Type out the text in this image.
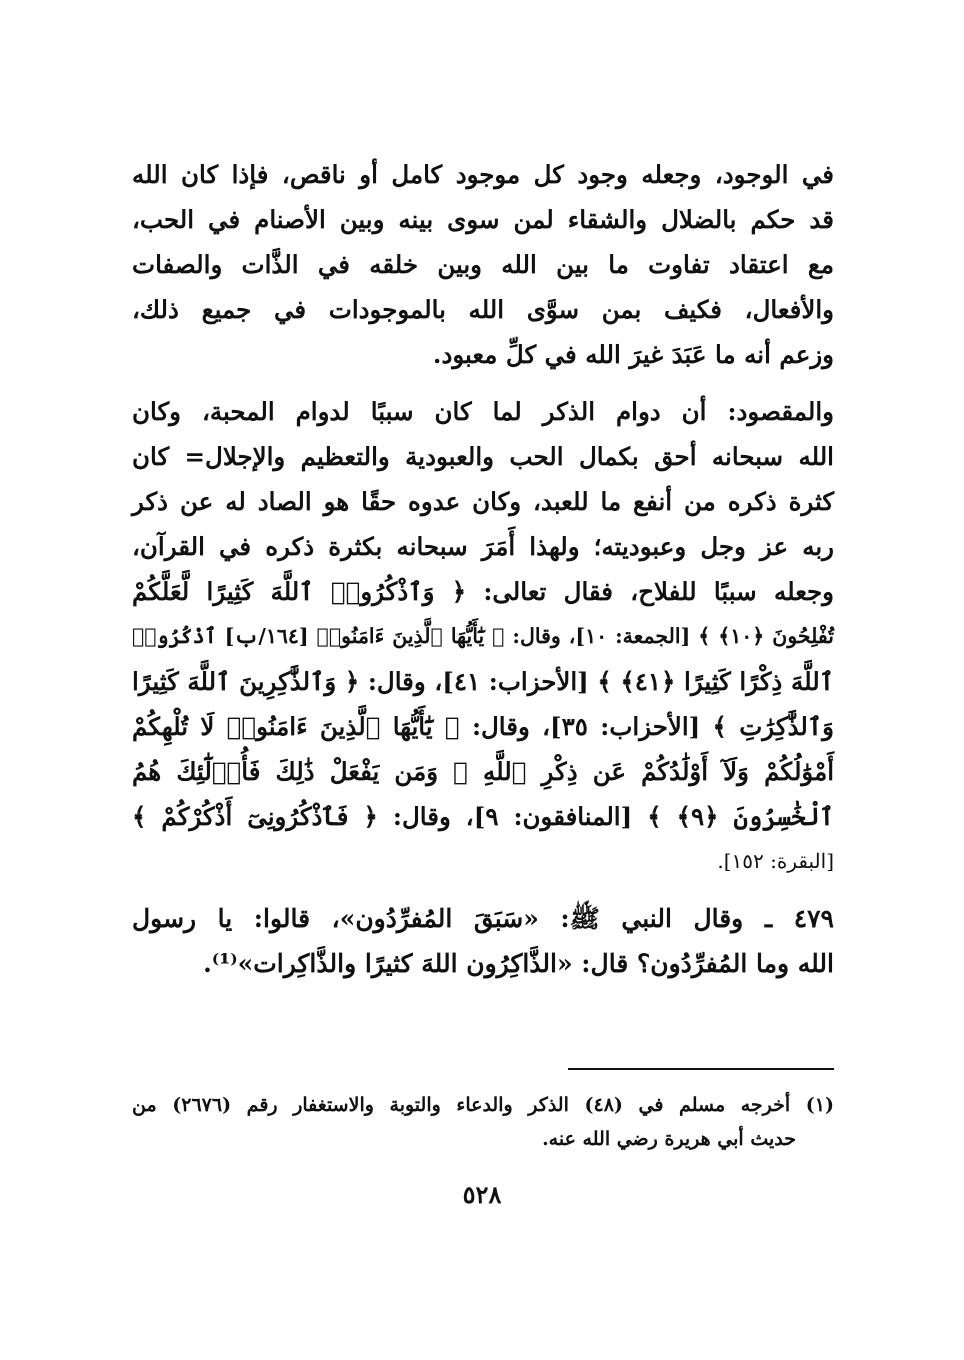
في الوجود، وجعله وجود كل موجود كامل أو ناقص، فإذا كان الله
قد حكم بالضلال والشقاء لمن سوى بينه وبين الأصنام في الحب،
مع اعتقاد تفاوت ما بين الله وبين خلقه في الذَّات والصفات
والأفعال، فكيف بمن سوَّى الله بالموجودات في جميع ذلك،
وزعم أنه ما عَبَدَ غيرَ الله في كلِّ معبود.
والمقصود: أن دوام الذكر لما كان سببًا لدوام المحبة، وكان
الله سبحانه أحق بكمال الحب والعبودية والتعظيم والإجلال= كان
كثرة ذكره من أنفع ما للعبد، وكان عدوه حقًا هو الصاد له عن ذكر
ربه عز وجل وعبوديته؛ ولهذا أَمَرَ سبحانه بكثرة ذكره في القرآن،
وجعله سببًا للفلاح، فقال تعالى: ﴿ وَٱذْكُرُوا۟ ٱللَّهَ كَثِيرًا لَّعَلَّكُمْ
تُفْلِحُونَ ﴿١٠﴾ ﴾ [الجمعة: ١٠]، وقال: ﴿ يَٰٓأَيُّهَا ٱلَّذِينَ ءَامَنُوا۟ [١٦٤/ب] ٱذْكُرُوا۟
ٱللَّهَ ذِكْرًا كَثِيرًا ﴿٤١﴾ ﴾ [الأحزاب: ٤١]، وقال: ﴿ وَٱلذَّٰكِرِينَ ٱللَّهَ كَثِيرًا
وَٱلذَّٰكِرَٰتِ ﴾ [الأحزاب: ٣٥]، وقال: ﴿ يَٰٓأَيُّهَا ٱلَّذِينَ ءَامَنُوا۟ لَا تُلْهِكُمْ
أَمْوَٰلُكُمْ وَلَآ أَوْلَٰدُكُمْ عَن ذِكْرِ ٱللَّهِ ۚ وَمَن يَفْعَلْ ذَٰلِكَ فَأُو۟لَٰٓئِكَ هُمُ
ٱلْخَٰسِرُونَ ﴿٩﴾ ﴾ [المنافقون: ٩]، وقال: ﴿ فَٱذْكُرُونِىٓ أَذْكُرْكُمْ ﴾
[البقرة: ١٥٢].
٤٧٩ ـ وقال النبي ﷺ: «سَبَقَ المُفرِّدُون»، قالوا: يا رسول
الله وما المُفرِّدُون؟ قال: «الذَّاكِرُون اللهَ كثيرًا والذَّاكِرات»⁽¹⁾.
(١) أخرجه مسلم في (٤٨) الذكر والدعاء والتوبة والاستغفار رقم (٢٦٧٦) من
حديث أبي هريرة رضي الله عنه.
٥٢٨
